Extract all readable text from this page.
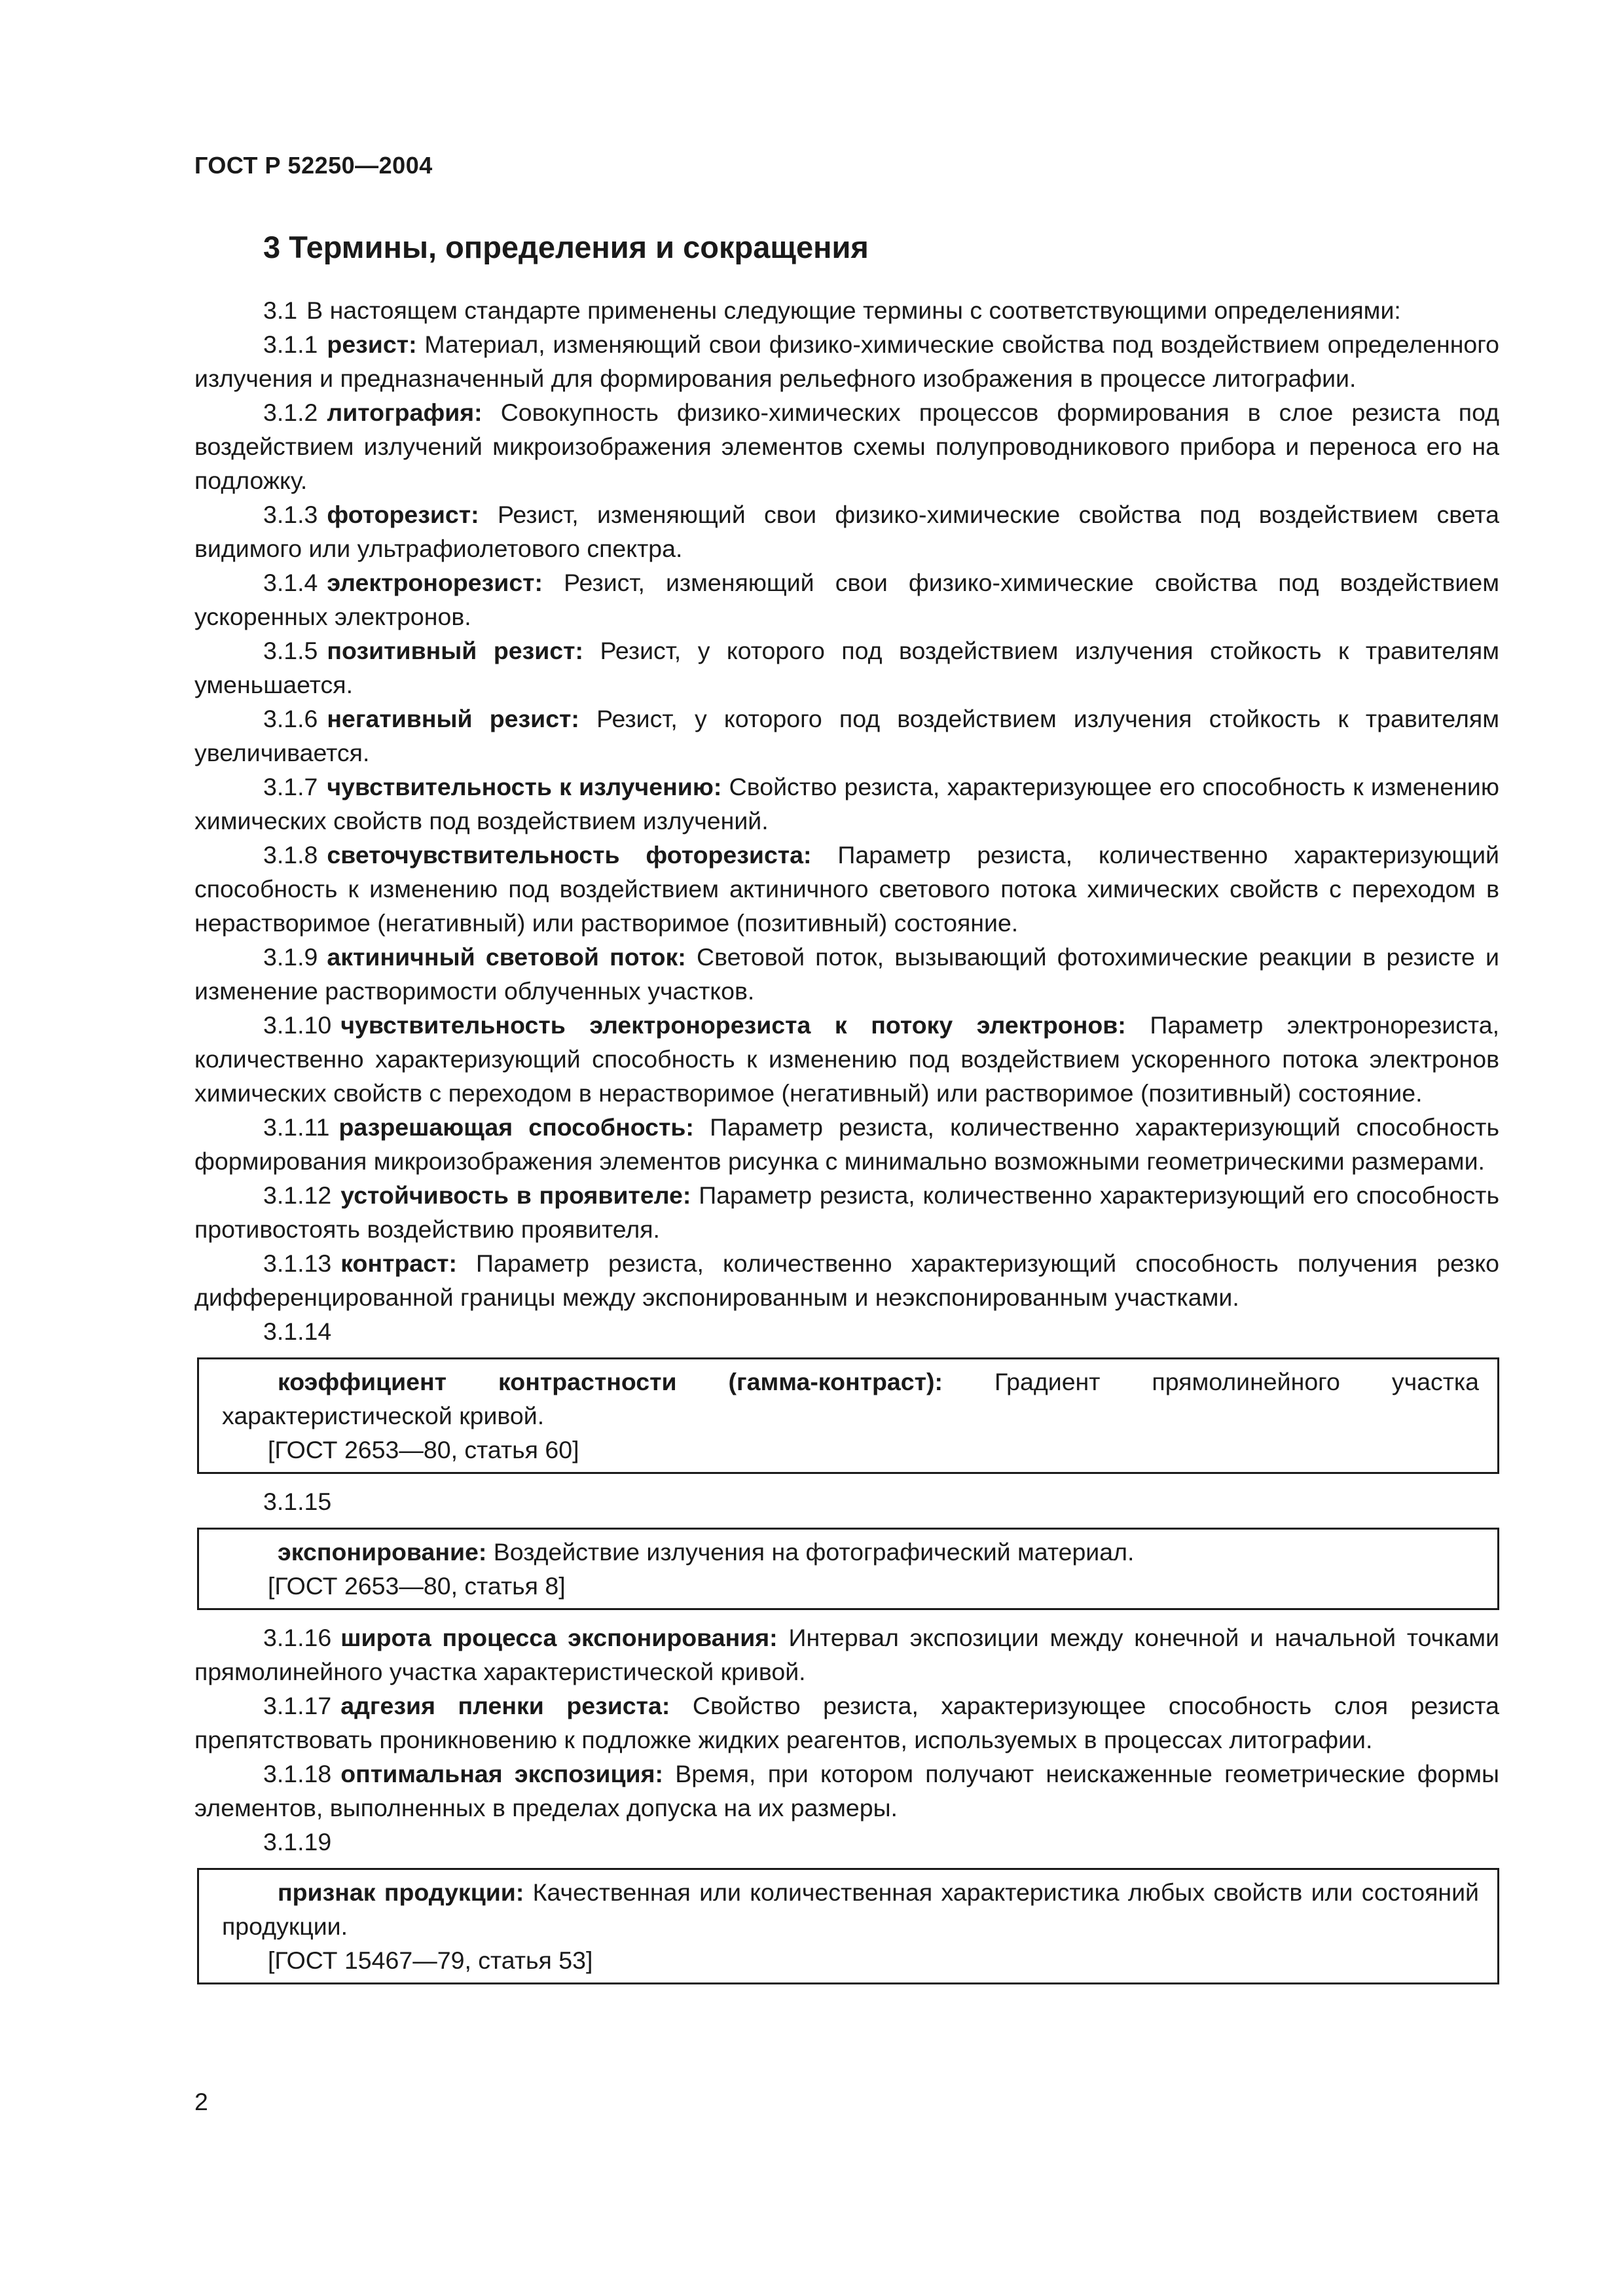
ГОСТ Р 52250—2004
3 Термины, определения и сокращения

3.1 В настоящем стандарте применены следующие термины с соответствующими определениями:

3.1.1 резист: Материал, изменяющий свои физико-химические свойства под воздействием определенного излучения и предназначенный для формирования рельефного изображения в процессе литографии.

3.1.2 литография: Совокупность физико-химических процессов формирования в слое резиста под воздействием излучений микроизображения элементов схемы полупроводникового прибора и переноса его на подложку.

3.1.3 фоторезист: Резист, изменяющий свои физико-химические свойства под воздействием света видимого или ультрафиолетового спектра.

3.1.4 электронорезист: Резист, изменяющий свои физико-химические свойства под воздействием ускоренных электронов.

3.1.5 позитивный резист: Резист, у которого под воздействием излучения стойкость к травителям уменьшается.

3.1.6 негативный резист: Резист, у которого под воздействием излучения стойкость к травителям увеличивается.

3.1.7 чувствительность к излучению: Свойство резиста, характеризующее его способность к изменению химических свойств под воздействием излучений.

3.1.8 светочувствительность фоторезиста: Параметр резиста, количественно характеризующий способность к изменению под воздействием актиничного светового потока химических свойств с переходом в нерастворимое (негативный) или растворимое (позитивный) состояние.

3.1.9 актиничный световой поток: Световой поток, вызывающий фотохимические реакции в резисте и изменение растворимости облученных участков.

3.1.10 чувствительность электронорезиста к потоку электронов: Параметр электронорезиста, количественно характеризующий способность к изменению под воздействием ускоренного потока электронов химических свойств с переходом в нерастворимое (негативный) или растворимое (позитивный) состояние.

3.1.11 разрешающая способность: Параметр резиста, количественно характеризующий способность формирования микроизображения элементов рисунка с минимально возможными геометрическими размерами.

3.1.12 устойчивость в проявителе: Параметр резиста, количественно характеризующий его способность противостоять воздействию проявителя.

3.1.13 контраст: Параметр резиста, количественно характеризующий способность получения резко дифференцированной границы между экспонированным и неэкспонированным участками.

3.1.14

коэффициент контрастности (гамма-контраст): Градиент прямолинейного участка характеристической кривой.

[ГОСТ 2653—80, статья 60]

3.1.15

экспонирование: Воздействие излучения на фотографический материал.

[ГОСТ 2653—80, статья 8]

3.1.16 широта процесса экспонирования: Интервал экспозиции между конечной и начальной точками прямолинейного участка характеристической кривой.

3.1.17 адгезия пленки резиста: Свойство резиста, характеризующее способность слоя резиста препятствовать проникновению к подложке жидких реагентов, используемых в процессах литографии.

3.1.18 оптимальная экспозиция: Время, при котором получают неискаженные геометрические формы элементов, выполненных в пределах допуска на их размеры.

3.1.19

признак продукции: Качественная или количественная характеристика любых свойств или состояний продукции.

[ГОСТ 15467—79, статья 53]

2
